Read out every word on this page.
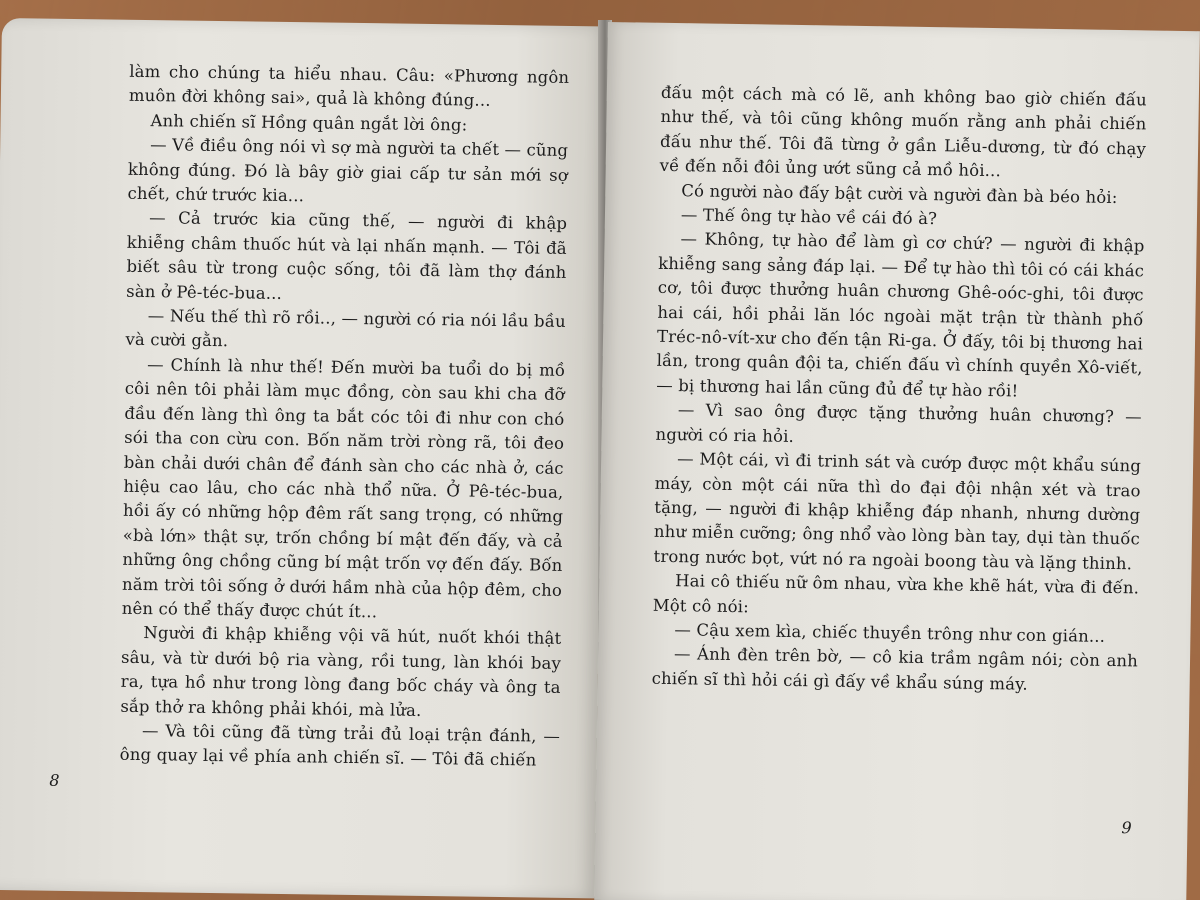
làm cho chúng ta hiểu nhau. Câu: «Phương ngôn muôn đời không sai», quả là không đúng...

Anh chiến sĩ Hồng quân ngắt lời ông:

— Về điều ông nói vì sợ mà người ta chết — cũng không đúng. Đó là bây giờ giai cấp tư sản mới sợ chết, chứ trước kia...

— Cả trước kia cũng thế, — người đi khập khiễng châm thuốc hút và lại nhấn mạnh. — Tôi đã biết sâu từ trong cuộc sống, tôi đã làm thợ đánh sàn ở Pê-téc-bua...

— Nếu thế thì rõ rồi.., — người có ria nói lầu bầu và cười gằn.

— Chính là như thế! Đến mười ba tuổi do bị mồ côi nên tôi phải làm mục đồng, còn sau khi cha đỡ đầu đến làng thì ông ta bắt cóc tôi đi như con chó sói tha con cừu con. Bốn năm trời ròng rã, tôi đeo bàn chải dưới chân để đánh sàn cho các nhà ở, các hiệu cao lâu, cho các nhà thổ nữa. Ở Pê-téc-bua, hồi ấy có những hộp đêm rất sang trọng, có những «bà lớn» thật sự, trốn chồng bí mật đến đấy, và cả những ông chồng cũng bí mật trốn vợ đến đấy. Bốn năm trời tôi sống ở dưới hầm nhà của hộp đêm, cho nên có thể thấy được chút ít...

Người đi khập khiễng vội vã hút, nuốt khói thật sâu, và từ dưới bộ ria vàng, rồi tung, làn khói bay ra, tựa hồ như trong lòng đang bốc cháy và ông ta sắp thở ra không phải khói, mà lửa.

— Và tôi cũng đã từng trải đủ loại trận đánh, — ông quay lại về phía anh chiến sĩ. — Tôi đã chiến

8

đấu một cách mà có lẽ, anh không bao giờ chiến đấu như thế, và tôi cũng không muốn rằng anh phải chiến đấu như thế. Tôi đã từng ở gần Liễu-dương, từ đó chạy về đến nỗi đôi ủng ướt sũng cả mồ hôi...

Có người nào đấy bật cười và người đàn bà béo hỏi:

— Thế ông tự hào về cái đó à?

— Không, tự hào để làm gì cơ chứ? — người đi khập khiễng sang sảng đáp lại. — Để tự hào thì tôi có cái khác cơ, tôi được thưởng huân chương Ghê-oóc-ghi, tôi được hai cái, hồi phải lăn lóc ngoài mặt trận từ thành phố Tréc-nô-vít-xư cho đến tận Ri-ga. Ở đấy, tôi bị thương hai lần, trong quân đội ta, chiến đấu vì chính quyền Xô-viết, — bị thương hai lần cũng đủ để tự hào rồi!

— Vì sao ông được tặng thưởng huân chương? — người có ria hỏi.

— Một cái, vì đi trinh sát và cướp được một khẩu súng máy, còn một cái nữa thì do đại đội nhận xét và trao tặng, — người đi khập khiễng đáp nhanh, nhưng dường như miễn cưỡng; ông nhổ vào lòng bàn tay, dụi tàn thuốc trong nước bọt, vứt nó ra ngoài boong tàu và lặng thinh.

Hai cô thiếu nữ ôm nhau, vừa khe khẽ hát, vừa đi đến. Một cô nói:

— Cậu xem kìa, chiếc thuyền trông như con gián...

— Ánh đèn trên bờ, — cô kia trầm ngâm nói; còn anh chiến sĩ thì hỏi cái gì đấy về khẩu súng máy.

9
